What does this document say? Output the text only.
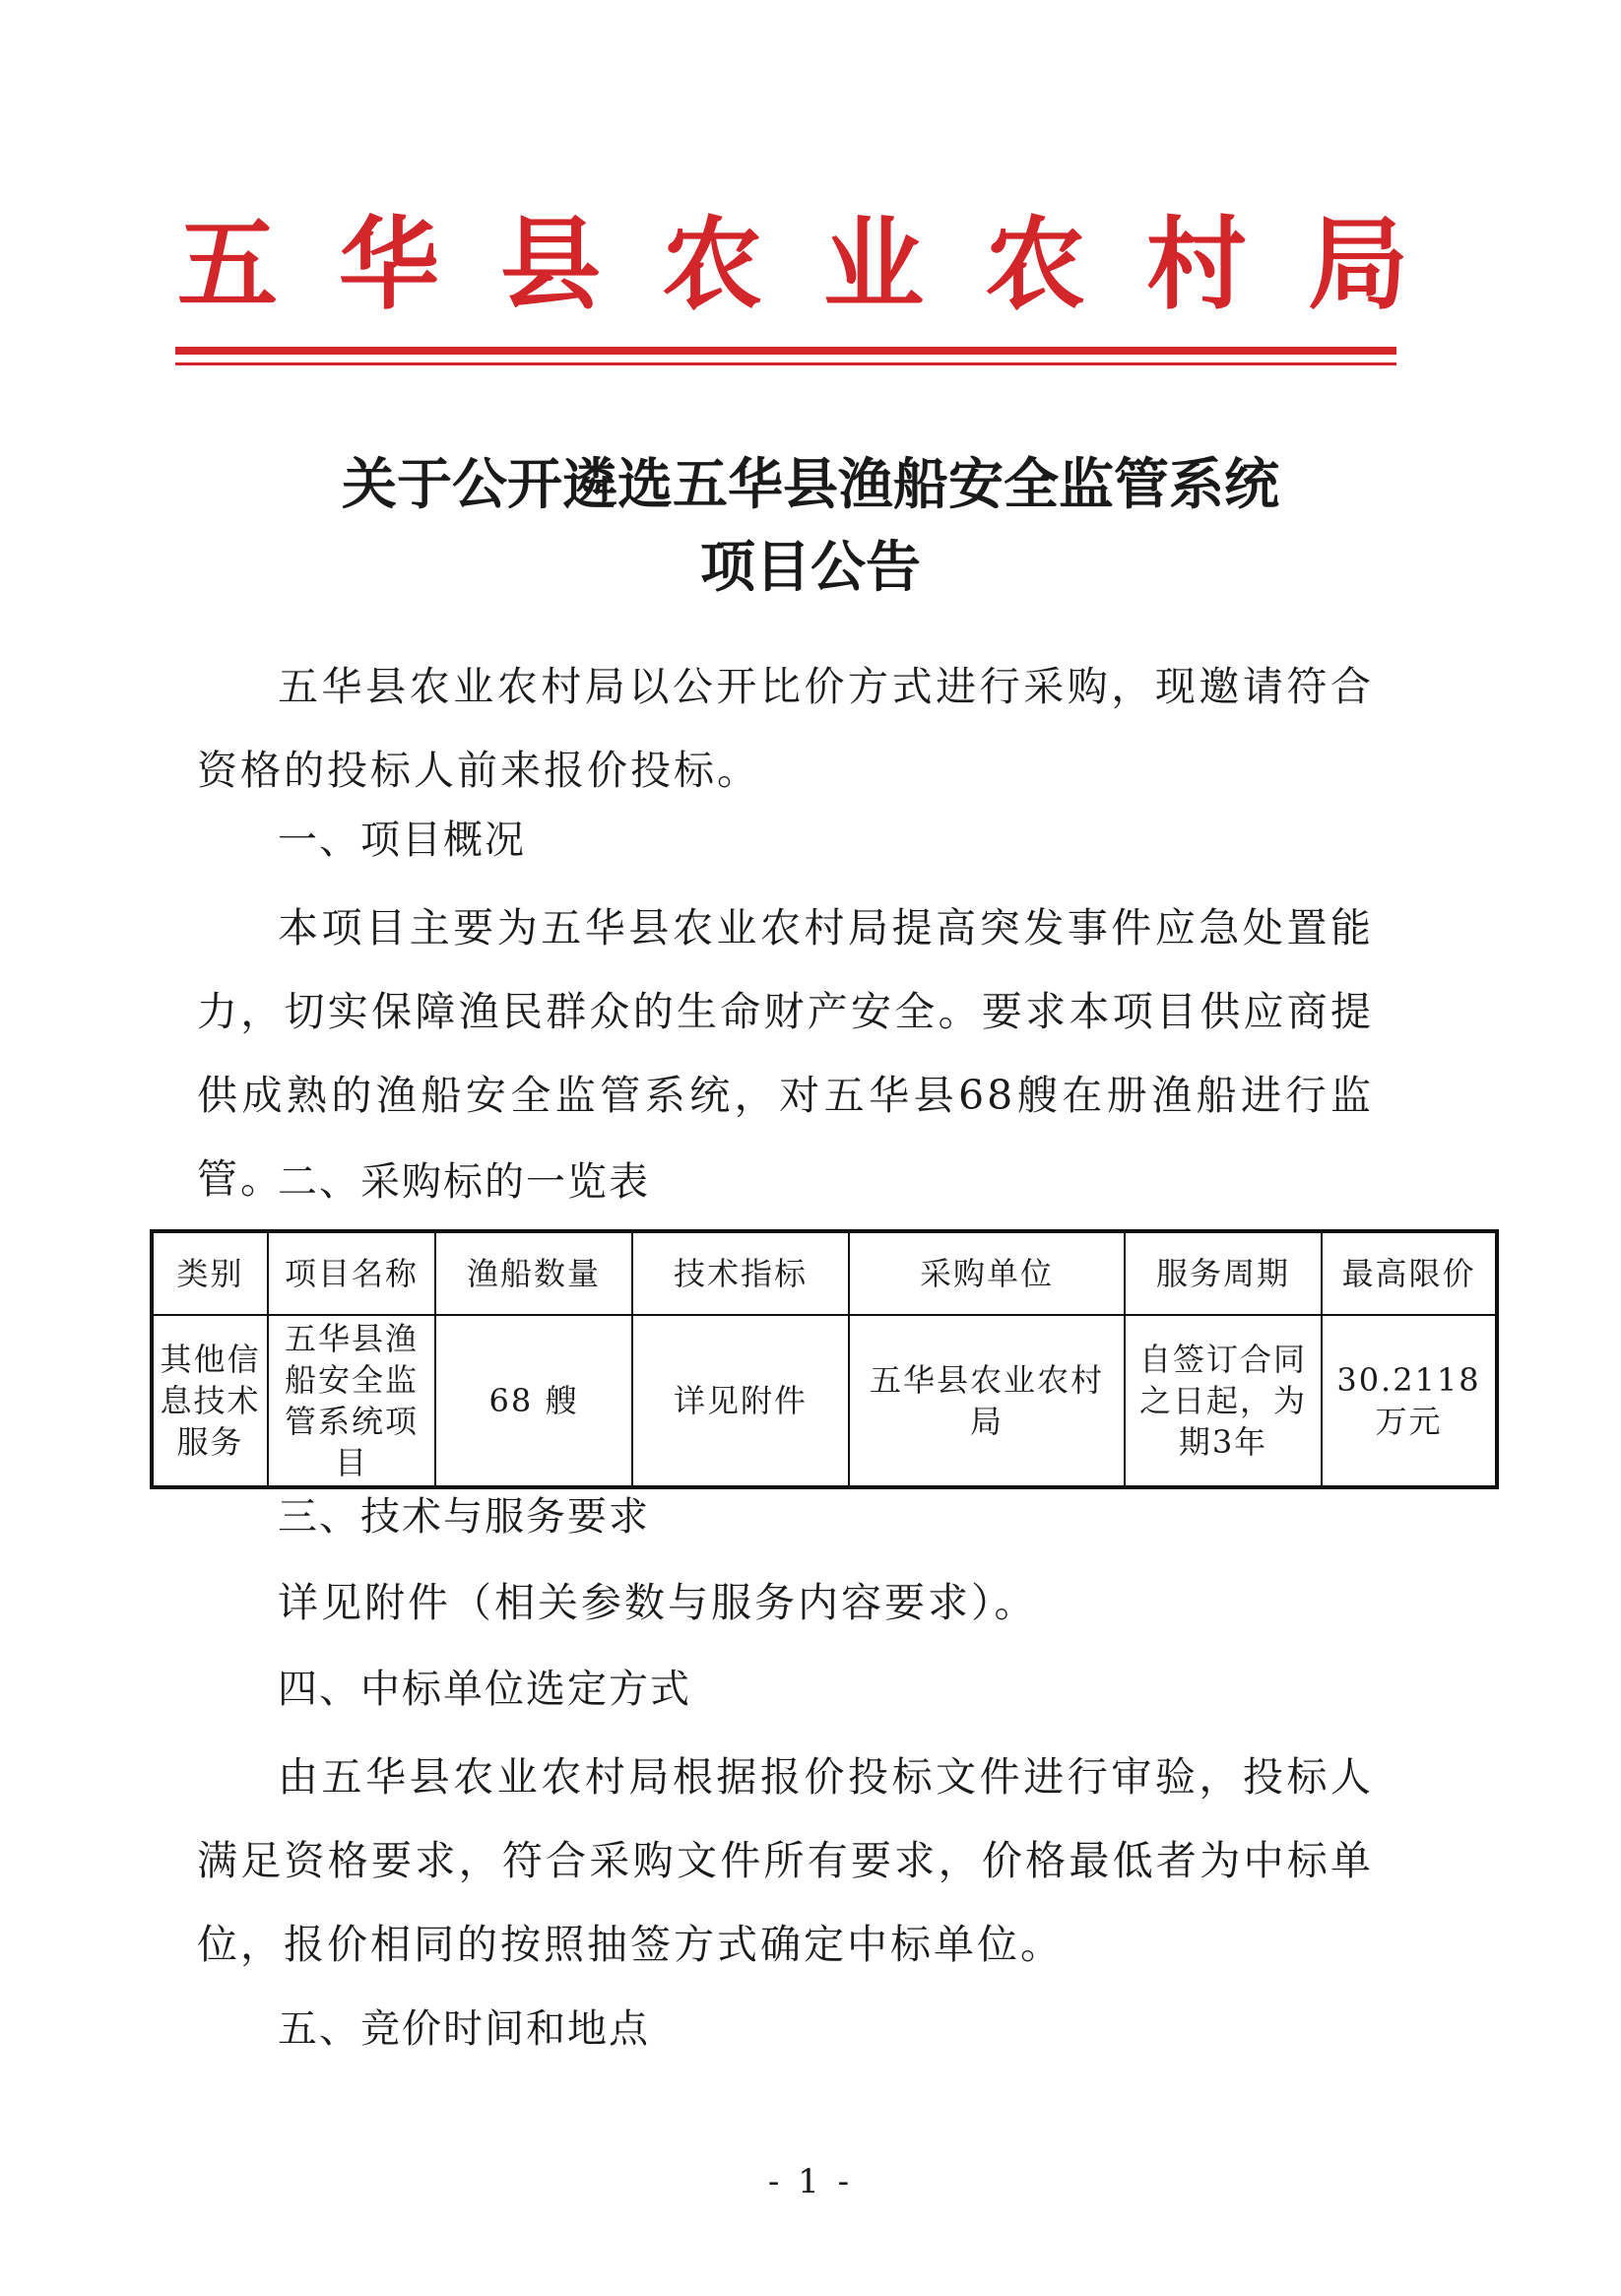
五华县农业农村局
关于公开遴选五华县渔船安全监管系统
项目公告
五华县农业农村局以公开比价方式进行采购，现邀请符合资格的投标人前来报价投标。
一、项目概况
本项目主要为五华县农业农村局提高突发事件应急处置能力，切实保障渔民群众的生命财产安全。要求本项目供应商提供成熟的渔船安全监管系统，对五华县68艘在册渔船进行监管。
二、采购标的一览表
类别	项目名称	渔船数量	技术指标	采购单位	服务周期	最高限价
其他信息技术服务	五华县渔船安全监管系统项目	68 艘	详见附件	五华县农业农村局	自签订合同之日起，为期3年	30.2118 万元
三、技术与服务要求
详见附件（相关参数与服务内容要求）。
四、中标单位选定方式
由五华县农业农村局根据报价投标文件进行审验，投标人满足资格要求，符合采购文件所有要求，价格最低者为中标单位，报价相同的按照抽签方式确定中标单位。
五、竞价时间和地点
- 1 -
